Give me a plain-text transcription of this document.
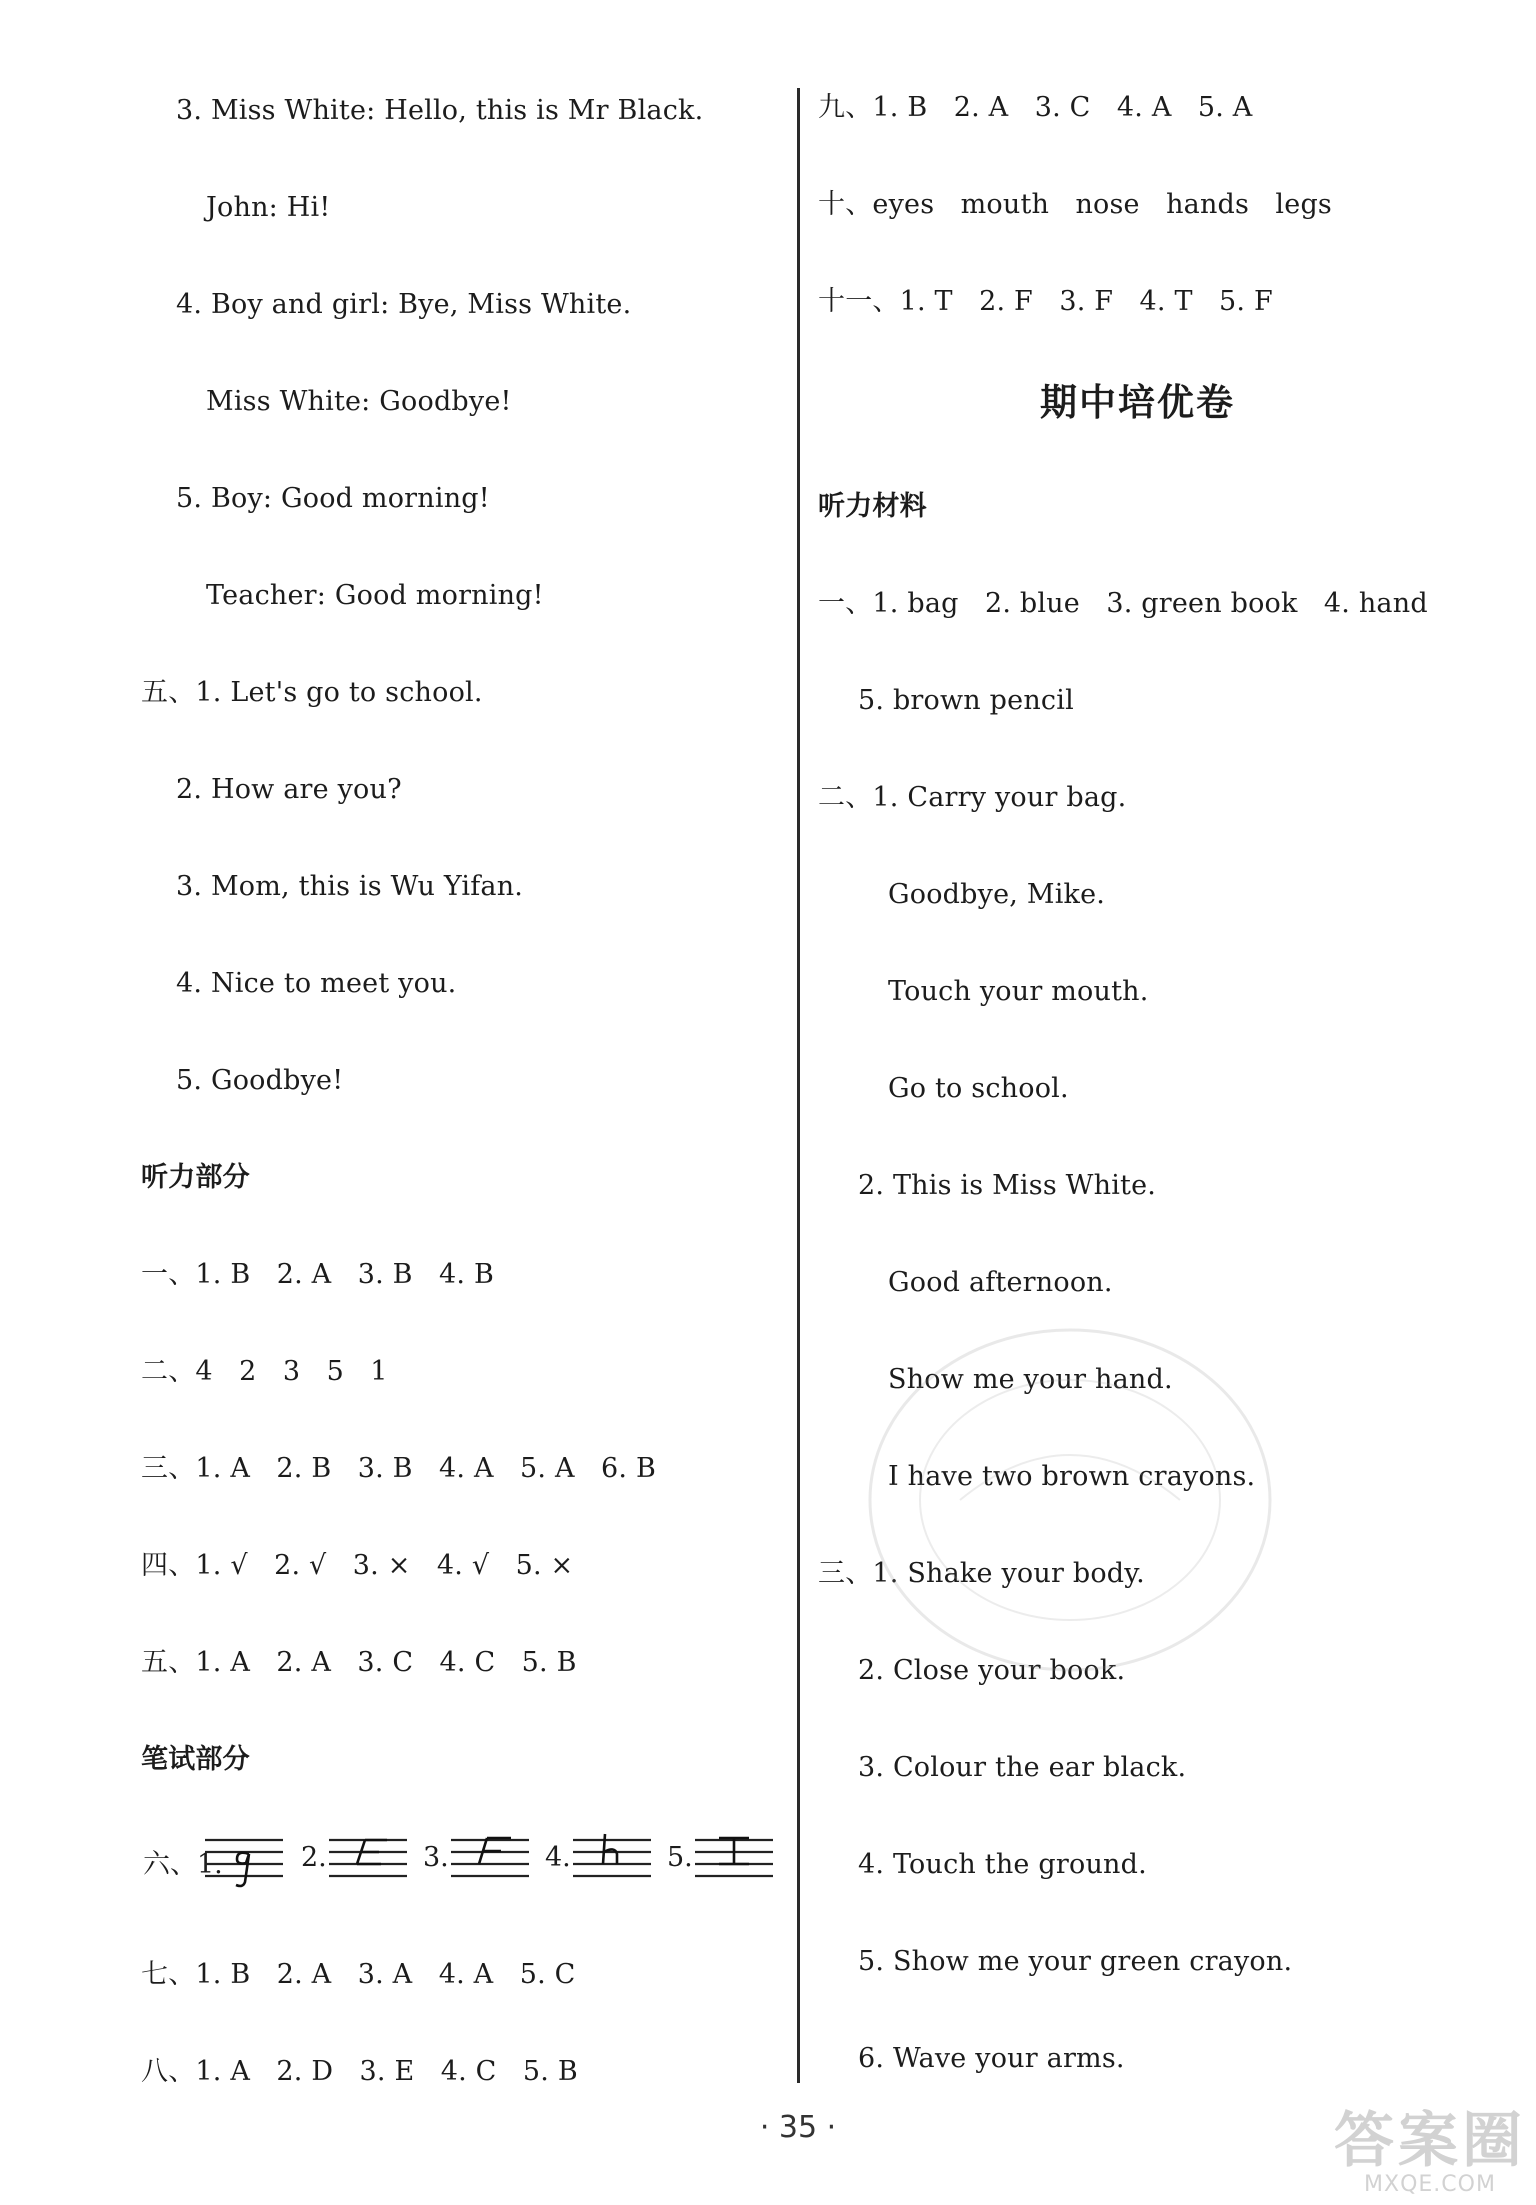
3. Miss White: Hello, this is Mr Black.
John: Hi!
4. Boy and girl: Bye, Miss White.
Miss White: Goodbye!
5. Boy: Good morning!
Teacher: Good morning!
五、1. Let's go to school.
2. How are you?
3. Mom, this is Wu Yifan.
4. Nice to meet you.
5. Goodbye!
听力部分
一、1. B   2. A   3. B   4. B
二、4   2   3   5   1
三、1. A   2. B   3. B   4. A   5. A   6. B
四、1. √   2. √   3. ×   4. √   5. ×
五、1. A   2. A   3. C   4. C   5. B
笔试部分
六、1.	2.	3.	4.	5.
七、1. B   2. A   3. A   4. A   5. C
八、1. A   2. D   3. E   4. C   5. B
九、1. B   2. A   3. C   4. A   5. A
十、eyes   mouth   nose   hands   legs
十一、1. T   2. F   3. F   4. T   5. F
期中培优卷
听力材料
一、1. bag   2. blue   3. green book   4. hand
5. brown pencil
二、1. Carry your bag.
Goodbye, Mike.
Touch your mouth.
Go to school.
2. This is Miss White.
Good afternoon.
Show me your hand.
I have two brown crayons.
三、1. Shake your body.
2. Close your book.
3. Colour the ear black.
4. Touch the ground.
5. Show me your green crayon.
6. Wave your arms.
· 35 ·	答案圈
MXQE.COM
